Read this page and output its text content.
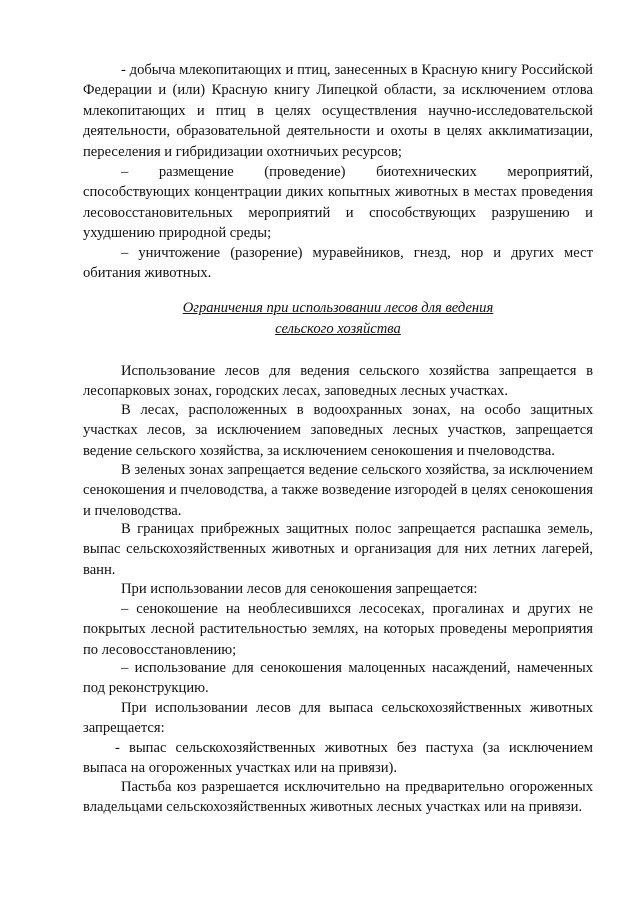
- добыча млекопитающих и птиц, занесенных в Красную книгу Российской Федерации и (или) Красную книгу Липецкой области, за исключением отлова млекопитающих и птиц в целях осуществления научно-исследовательской деятельности, образовательной деятельности и охоты в целях акклиматизации, переселения и гибридизации охотничьих ресурсов;

– размещение (проведение) биотехнических мероприятий, способствующих концентрации диких копытных животных в местах проведения лесовосстановительных мероприятий и способствующих разрушению и ухудшению природной среды;

– уничтожение (разорение) муравейников, гнезд, нор и других мест обитания животных.

Ограничения при использовании лесов для ведения
сельского хозяйства

Использование лесов для ведения сельского хозяйства запрещается в лесопарковых зонах, городских лесах, заповедных лесных участках.

В лесах, расположенных в водоохранных зонах, на особо защитных участках лесов, за исключением заповедных лесных участков, запрещается ведение сельского хозяйства, за исключением сенокошения и пчеловодства.

В зеленых зонах запрещается ведение сельского хозяйства, за исключением сенокошения и пчеловодства, а также возведение изгородей в целях сенокошения и пчеловодства.

В границах прибрежных защитных полос запрещается распашка земель, выпас сельскохозяйственных животных и организация для них летних лагерей, ванн.

При использовании лесов для сенокошения запрещается:

– сенокошение на необлесившихся лесосеках, прогалинах и других не покрытых лесной растительностью землях, на которых проведены мероприятия по лесовосстановлению;

– использование для сенокошения малоценных насаждений, намеченных под реконструкцию.

При использовании лесов для выпаса сельскохозяйственных животных запрещается:

- выпас сельскохозяйственных животных без пастуха (за исключением выпаса на огороженных участках или на привязи).

Пастьба коз разрешается исключительно на предварительно огороженных владельцами сельскохозяйственных животных лесных участках или на привязи.
